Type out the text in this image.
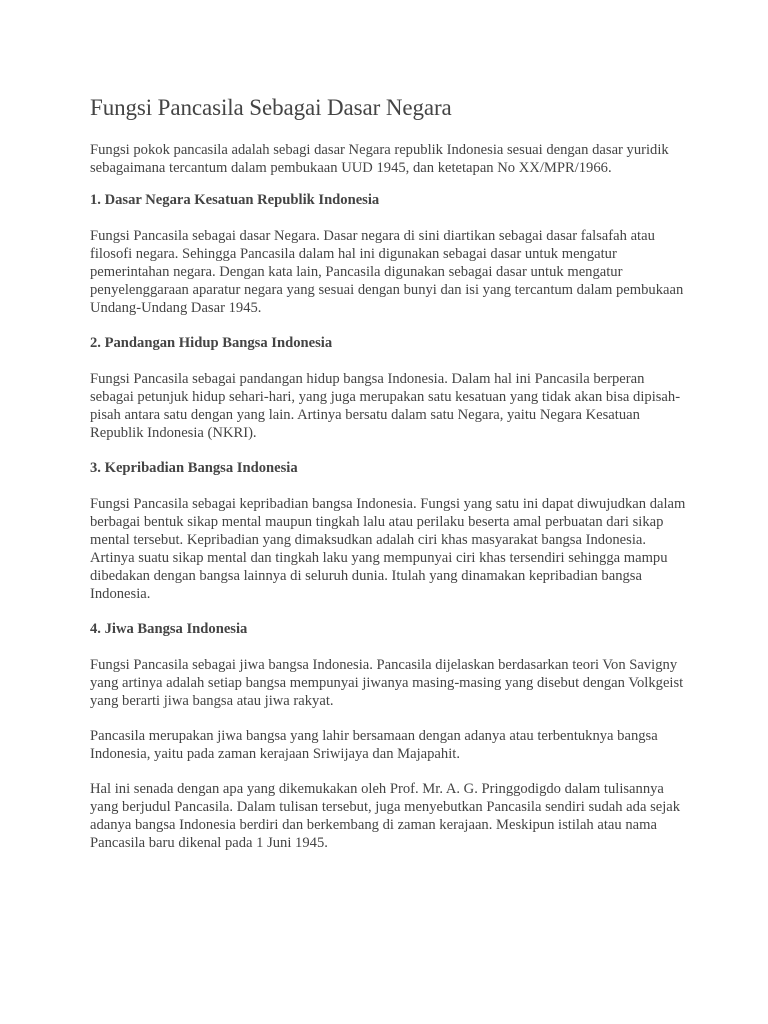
Fungsi Pancasila Sebagai Dasar Negara

Fungsi pokok pancasila adalah sebagi dasar Negara republik Indonesia sesuai dengan dasar yuridik sebagaimana tercantum dalam pembukaan UUD 1945, dan ketetapan No XX/MPR/1966.

1. Dasar Negara Kesatuan Republik Indonesia

Fungsi Pancasila sebagai dasar Negara. Dasar negara di sini diartikan sebagai dasar falsafah atau filosofi negara. Sehingga Pancasila dalam hal ini digunakan sebagai dasar untuk mengatur pemerintahan negara. Dengan kata lain, Pancasila digunakan sebagai dasar untuk mengatur penyelenggaraan aparatur negara yang sesuai dengan bunyi dan isi yang tercantum dalam pembukaan Undang-Undang Dasar 1945.

2. Pandangan Hidup Bangsa Indonesia

Fungsi Pancasila sebagai pandangan hidup bangsa Indonesia. Dalam hal ini Pancasila berperan sebagai petunjuk hidup sehari-hari, yang juga merupakan satu kesatuan yang tidak akan bisa dipisah-pisah antara satu dengan yang lain. Artinya bersatu dalam satu Negara, yaitu Negara Kesatuan Republik Indonesia (NKRI).

3. Kepribadian Bangsa Indonesia

Fungsi Pancasila sebagai kepribadian bangsa Indonesia. Fungsi yang satu ini dapat diwujudkan dalam berbagai bentuk sikap mental maupun tingkah lalu atau perilaku beserta amal perbuatan dari sikap mental tersebut. Kepribadian yang dimaksudkan adalah ciri khas masyarakat bangsa Indonesia. Artinya suatu sikap mental dan tingkah laku yang mempunyai ciri khas tersendiri sehingga mampu dibedakan dengan bangsa lainnya di seluruh dunia. Itulah yang dinamakan kepribadian bangsa Indonesia.

4. Jiwa Bangsa Indonesia

Fungsi Pancasila sebagai jiwa bangsa Indonesia. Pancasila dijelaskan berdasarkan teori Von Savigny yang artinya adalah setiap bangsa mempunyai jiwanya masing-masing yang disebut dengan Volkgeist yang berarti jiwa bangsa atau jiwa rakyat.

Pancasila merupakan jiwa bangsa yang lahir bersamaan dengan adanya atau terbentuknya bangsa Indonesia, yaitu pada zaman kerajaan Sriwijaya dan Majapahit.

Hal ini senada dengan apa yang dikemukakan oleh Prof. Mr. A. G. Pringgodigdo dalam tulisannya yang berjudul Pancasila. Dalam tulisan tersebut, juga menyebutkan Pancasila sendiri sudah ada sejak adanya bangsa Indonesia berdiri dan berkembang di zaman kerajaan. Meskipun istilah atau nama Pancasila baru dikenal pada 1 Juni 1945.
